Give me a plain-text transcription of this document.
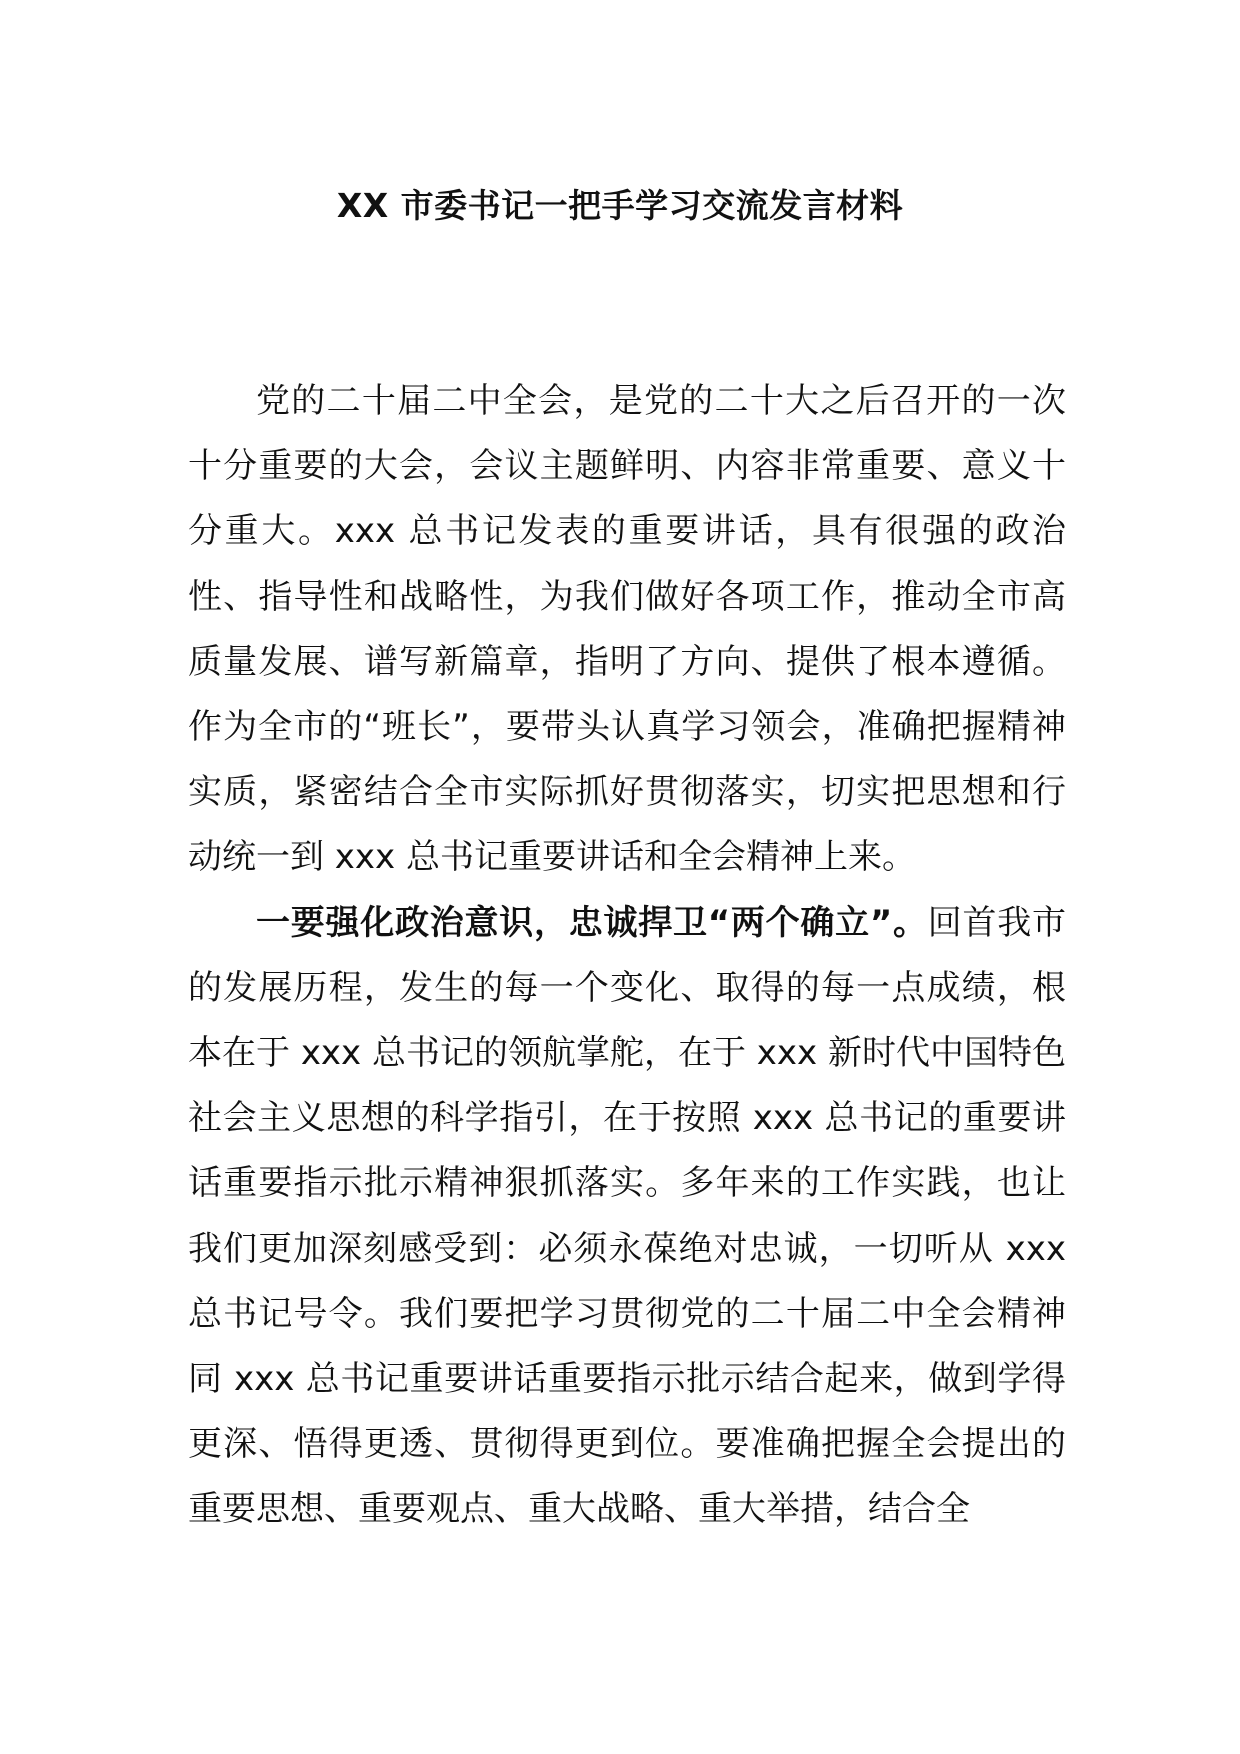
XX 市委书记一把手学习交流发言材料

党的二十届二中全会，是党的二十大之后召开的一次十分重要的大会，会议主题鲜明、内容非常重要、意义十分重大。xxx 总书记发表的重要讲话，具有很强的政治性、指导性和战略性，为我们做好各项工作，推动全市高质量发展、谱写新篇章，指明了方向、提供了根本遵循。作为全市的“班长”，要带头认真学习领会，准确把握精神实质，紧密结合全市实际抓好贯彻落实，切实把思想和行动统一到 xxx 总书记重要讲话和全会精神上来。

一要强化政治意识，忠诚捍卫“两个确立”。回首我市的发展历程，发生的每一个变化、取得的每一点成绩，根本在于 xxx 总书记的领航掌舵，在于 xxx 新时代中国特色社会主义思想的科学指引，在于按照 xxx 总书记的重要讲话重要指示批示精神狠抓落实。多年来的工作实践，也让我们更加深刻感受到：必须永葆绝对忠诚，一切听从 xxx 总书记号令。我们要把学习贯彻党的二十届二中全会精神同 xxx 总书记重要讲话重要指示批示结合起来，做到学得更深、悟得更透、贯彻得更到位。要准确把握全会提出的重要思想、重要观点、重大战略、重大举措，结合全
